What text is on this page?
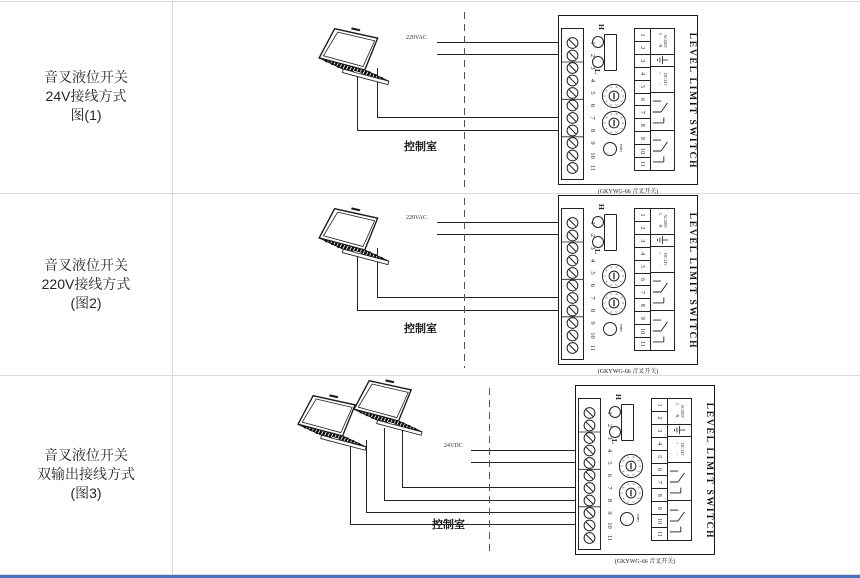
音叉液位开关
24V接线方式
图(1)
220VAC
控制室	LEVEL LIMIT SWITCH
AC220V
L N
DC 24V
+ −
1
2
3
4
5
6
7
8
9
10
11
H
L
0
1
2
3
4
5
6
7 8
9
0
1
2
3
4
5
6
7 8
9
enter
1
2
3
4
5
6
7
8
9
10
11
(GKYWG-66 音叉开关)
音叉液位开关
220V接线方式
(图2)
220VAC
控制室	LEVEL LIMIT SWITCH
AC220V
L N
DC 24V
+ −
1
2
3
4
5
6
7
8
9
10
11
H
L
0
1
2
3
4
5
6
7 8
9
0
1
2
3
4
5
6
7 8
9
enter
1
2
3
4
5
6
7
8
9
10
11
(GKYWG-66 音叉开关)
音叉液位开关
双输出接线方式
(图3)
24VDC
控制室	LEVEL LIMIT SWITCH
AC220V
L N
DC 24V
+ −
1
2
3
4
5
6
7
8
9
10
11
H
L
0
1
2
3
4
5
6
7 8
9
0
1
2
3
4
5
6
7 8
9
enter
1
2
3
4
5
6
7
8
9
10
11
(GKYWG-66 音叉开关)
